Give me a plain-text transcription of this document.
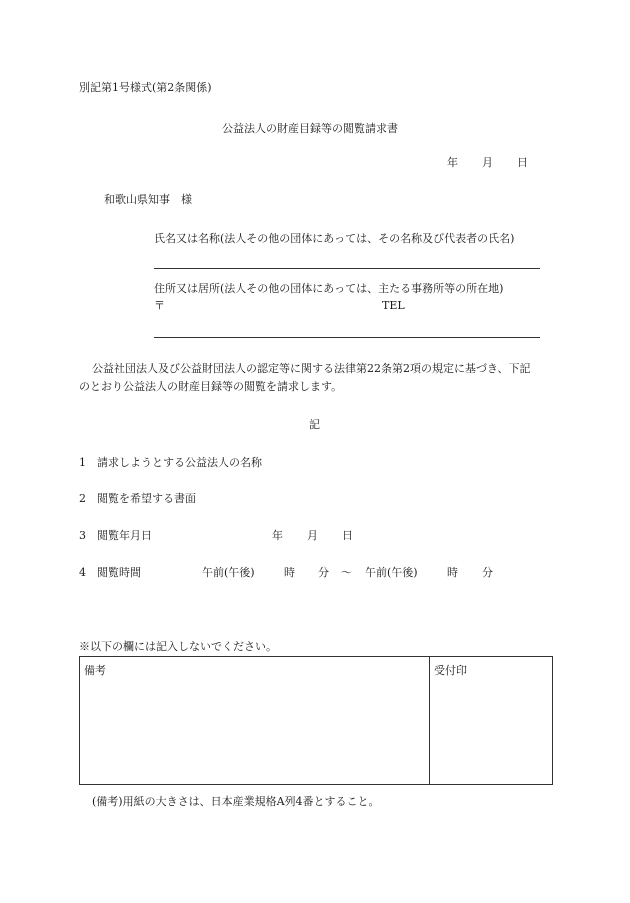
別記第1号様式(第2条関係)
公益法人の財産目録等の閲覧請求書
年 月 日
和歌山県知事　様
氏名又は名称(法人その他の団体にあっては、その名称及び代表者の氏名)
住所又は居所(法人その他の団体にあっては、主たる事務所等の所在地)
〒	TEL
公益社団法人及び公益財団法人の認定等に関する法律第22条第2項の規定に基づき、下記
のとおり公益法人の財産目録等の閲覧を請求します。
記
1 請求しようとする公益法人の名称
2 閲覧を希望する書面
3 閲覧年月日	年 月 日
4 閲覧時間	午前(午後)	時 分 ～ 午前(午後)	時 分
※以下の欄には記入しないでください。
備考	受付印
(備考)用紙の大きさは、日本産業規格A列4番とすること。
